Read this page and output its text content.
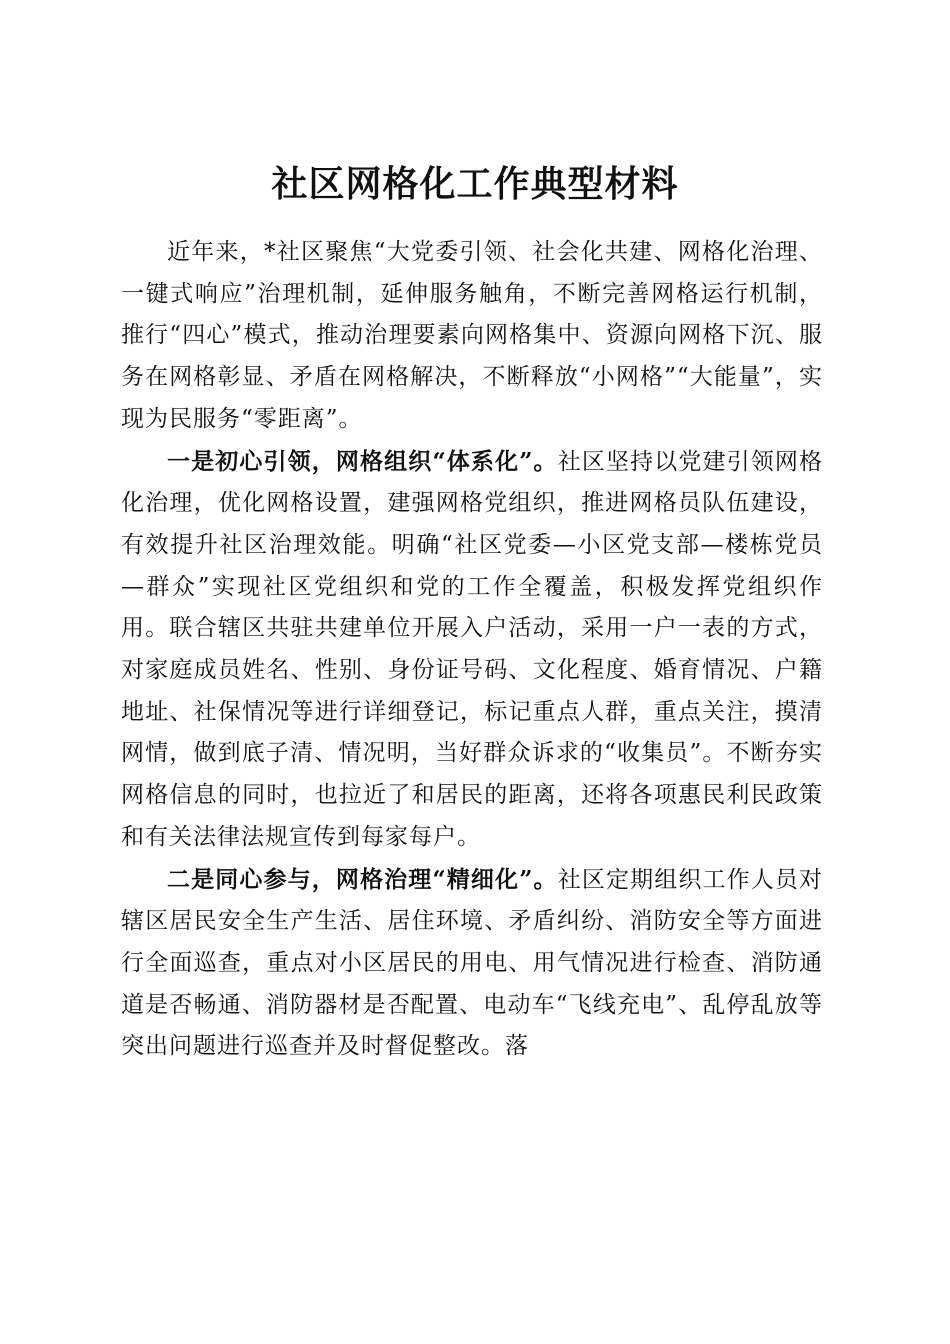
社区网格化工作典型材料

近年来，*社区聚焦“大党委引领、社会化共建、网格化治理、一键式响应”治理机制，延伸服务触角，不断完善网格运行机制，推行“四心”模式，推动治理要素向网格集中、资源向网格下沉、服务在网格彰显、矛盾在网格解决，不断释放“小网格”“大能量”，实现为民服务“零距离”。

一是初心引领，网格组织“体系化”。社区坚持以党建引领网格化治理，优化网格设置，建强网格党组织，推进网格员队伍建设，有效提升社区治理效能。明确“社区党委—小区党支部—楼栋党员—群众”实现社区党组织和党的工作全覆盖，积极发挥党组织作用。联合辖区共驻共建单位开展入户活动，采用一户一表的方式，对家庭成员姓名、性别、身份证号码、文化程度、婚育情况、户籍地址、社保情况等进行详细登记，标记重点人群，重点关注，摸清网情，做到底子清、情况明，当好群众诉求的“收集员”。不断夯实网格信息的同时，也拉近了和居民的距离，还将各项惠民利民政策和有关法律法规宣传到每家每户。

二是同心参与，网格治理“精细化”。社区定期组织工作人员对辖区居民安全生产生活、居住环境、矛盾纠纷、消防安全等方面进行全面巡查，重点对小区居民的用电、用气情况进行检查、消防通道是否畅通、消防器材是否配置、电动车“飞线充电”、乱停乱放等突出问题进行巡查并及时督促整改。落
